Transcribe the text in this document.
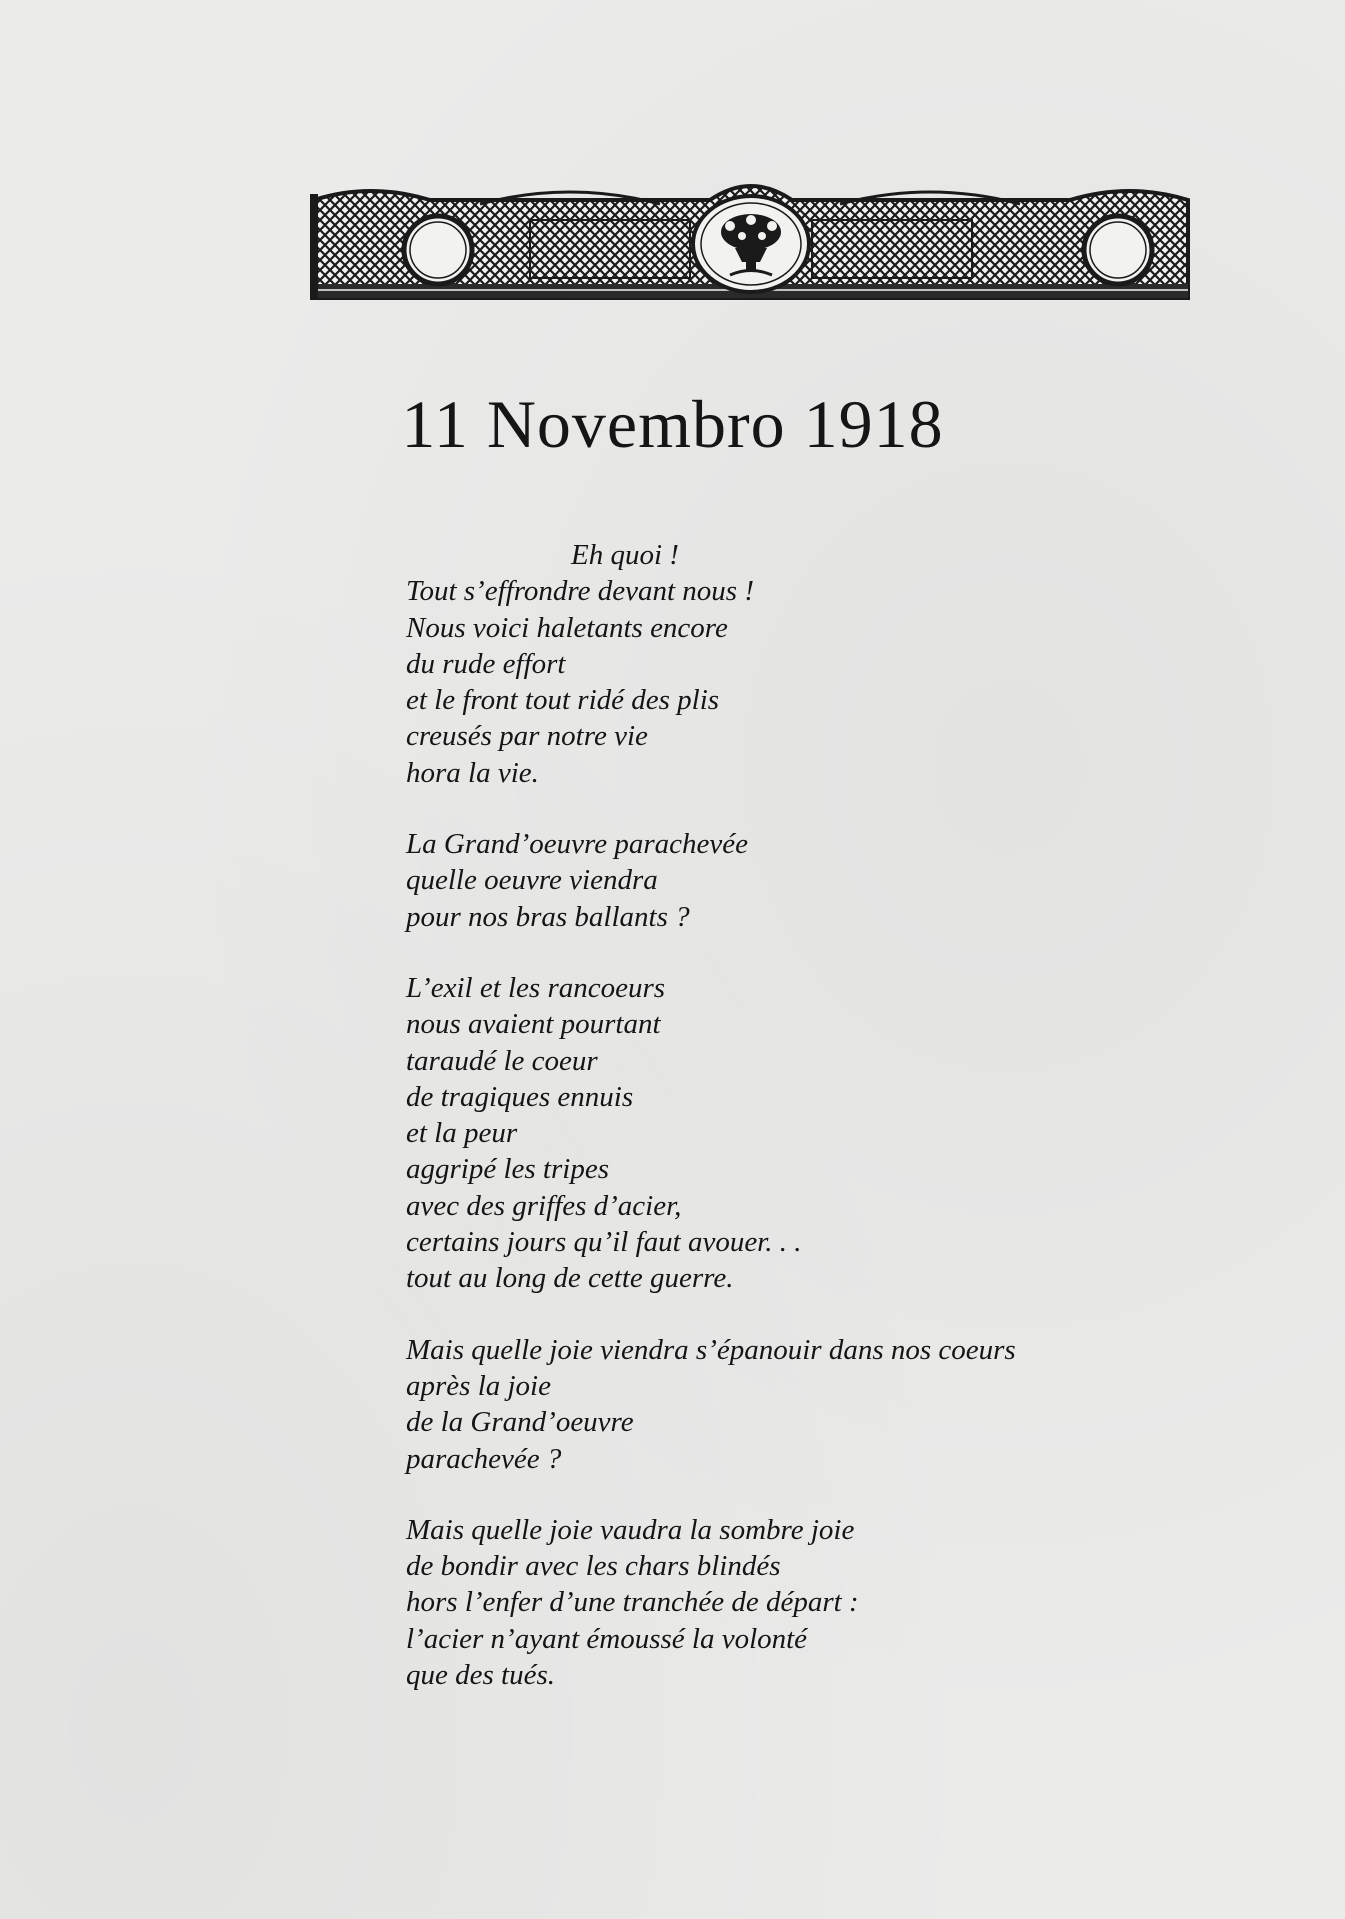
11 Novembro 1918
Eh quoi !
Tout s’effrondre devant nous !
Nous voici haletants encore
du rude effort
et le front tout ridé des plis
creusés par notre vie
hora la vie.
La Grand’oeuvre parachevée
quelle oeuvre viendra
pour nos bras ballants ?
L’exil et les rancoeurs
nous avaient pourtant
taraudé le coeur
de tragiques ennuis
et la peur
aggripé les tripes
avec des griffes d’acier,
certains jours qu’il faut avouer. . .
tout au long de cette guerre.
Mais quelle joie viendra s’épanouir dans nos coeurs
après la joie
de la Grand’oeuvre
parachevée ?
Mais quelle joie vaudra la sombre joie
de bondir avec les chars blindés
hors l’enfer d’une tranchée de départ :
l’acier n’ayant émoussé la volonté
que des tués.
